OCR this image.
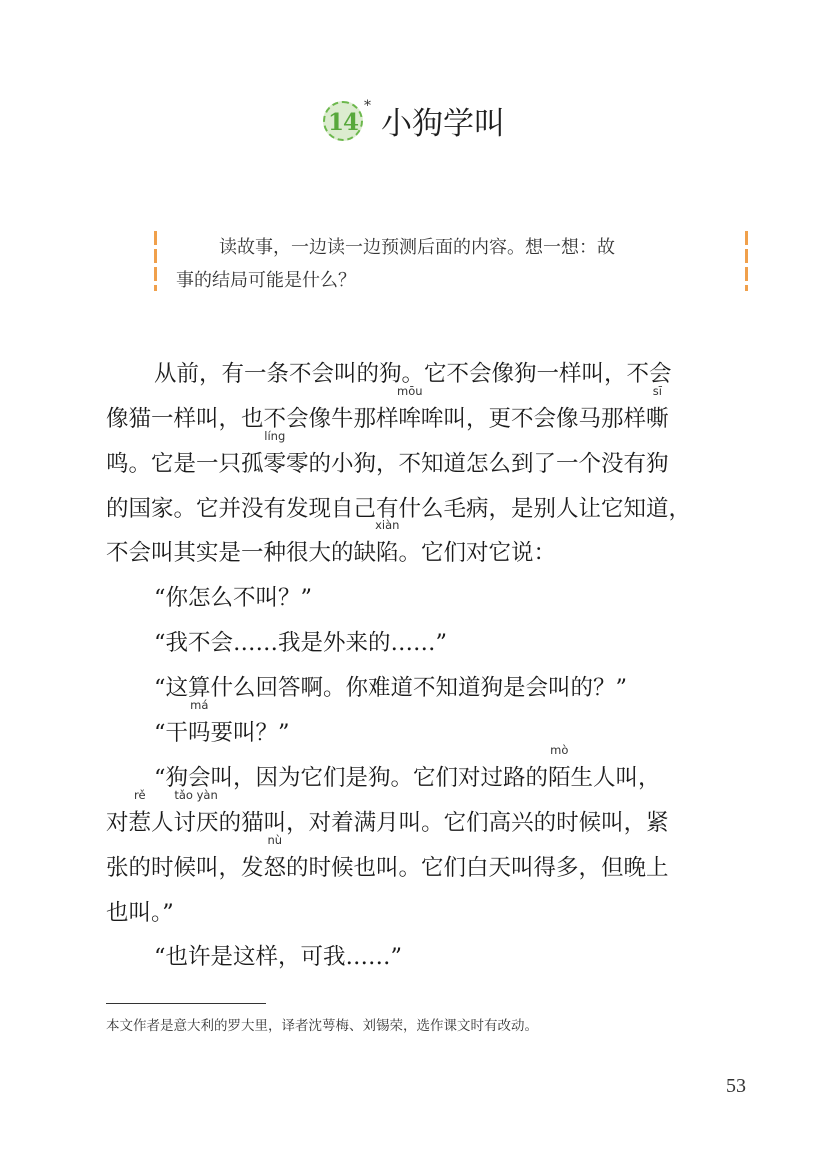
14
* 小狗学叫
读故事，一边读一边预测后面的内容。想一想：故
事的结局可能是什么？
从前，有一条不会叫的狗。它不会像狗一样叫，不会
像猫一样叫，也不会像牛那样
mōu
哞哞叫，更不会像马那样
sī
嘶
鸣。它是一只孤
líng
零零的小狗，不知道怎么到了一个没有狗
的国家。它并没有发现自己有什么毛病，是别人让它知道，
不会叫其实是一种很大的缺
xiàn
陷。它们对它说：
“你怎么不叫？”
“我不会……我是外来的……”
“这算什么回答啊。你难道不知道狗是会叫的？”
“干
má
吗要叫？”
“狗会叫，因为它们是狗。它们对过路的
mò
陌生人叫，
对
rě
惹人
tǎo yàn
讨厌的猫叫，对着满月叫。它们高兴的时候叫，紧
张的时候叫，发
nù
怒的时候也叫。它们白天叫得多，但晚上
也叫。”
“也许是这样，可我……”
本文作者是意大利的罗大里，译者沈萼梅、刘锡荣，选作课文时有改动。
53
